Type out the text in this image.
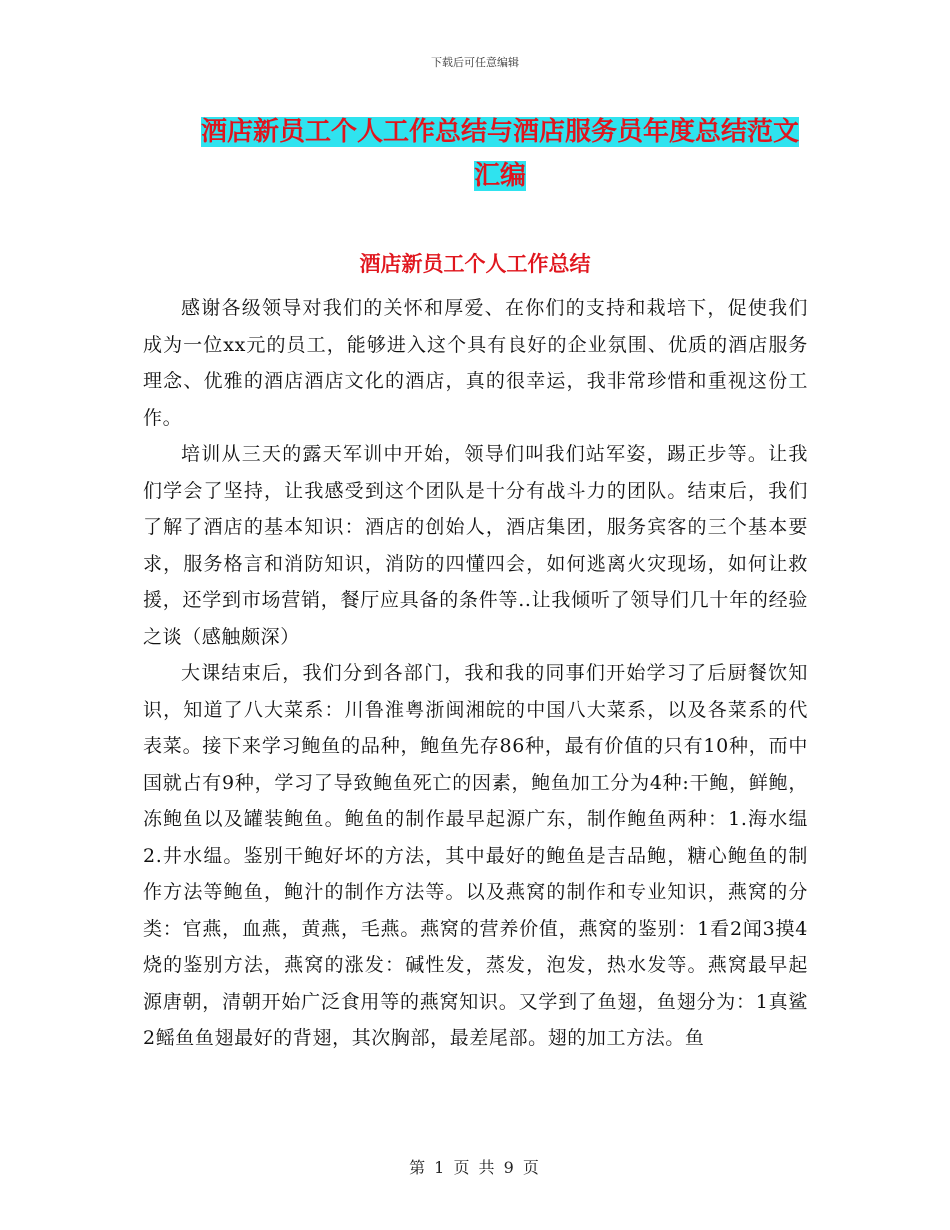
下载后可任意编辑
酒店新员工个人工作总结与酒店服务员年度总结范文
汇编
酒店新员工个人工作总结

感谢各级领导对我们的关怀和厚爱、在你们的支持和栽培下，促使我们成为一位xx元的员工，能够进入这个具有良好的企业氛围、优质的酒店服务理念、优雅的酒店酒店文化的酒店，真的很幸运，我非常珍惜和重视这份工作。

培训从三天的露天军训中开始，领导们叫我们站军姿，踢正步等。让我们学会了坚持，让我感受到这个团队是十分有战斗力的团队。结束后，我们了解了酒店的基本知识：酒店的创始人，酒店集团，服务宾客的三个基本要求，服务格言和消防知识，消防的四懂四会，如何逃离火灾现场，如何让救援，还学到市场营销，餐厅应具备的条件等..让我倾听了领导们几十年的经验之谈（感触颇深）

大课结束后，我们分到各部门，我和我的同事们开始学习了后厨餐饮知识，知道了八大菜系：川鲁淮粤浙闽湘皖的中国八大菜系，以及各菜系的代表菜。接下来学习鲍鱼的品种，鲍鱼先存86种，最有价值的只有10种，而中国就占有9种，学习了导致鲍鱼死亡的因素，鲍鱼加工分为4种:干鲍，鲜鲍，冻鲍鱼以及罐装鲍鱼。鲍鱼的制作最早起源广东，制作鲍鱼两种：1.海水缊 2.井水缊。鉴别干鲍好坏的方法，其中最好的鲍鱼是吉品鲍，糖心鲍鱼的制作方法等鲍鱼，鲍汁的制作方法等。以及燕窝的制作和专业知识，燕窝的分类：官燕，血燕，黄燕，毛燕。燕窝的营养价值，燕窝的鉴别：1看2闻3摸4烧的鉴别方法，燕窝的涨发：碱性发，蒸发，泡发，热水发等。燕窝最早起源唐朝，清朝开始广泛食用等的燕窝知识。又学到了鱼翅，鱼翅分为：1真鲨2鳐鱼鱼翅最好的背翅，其次胸部，最差尾部。翅的加工方法。鱼

第 1 页 共 9 页
